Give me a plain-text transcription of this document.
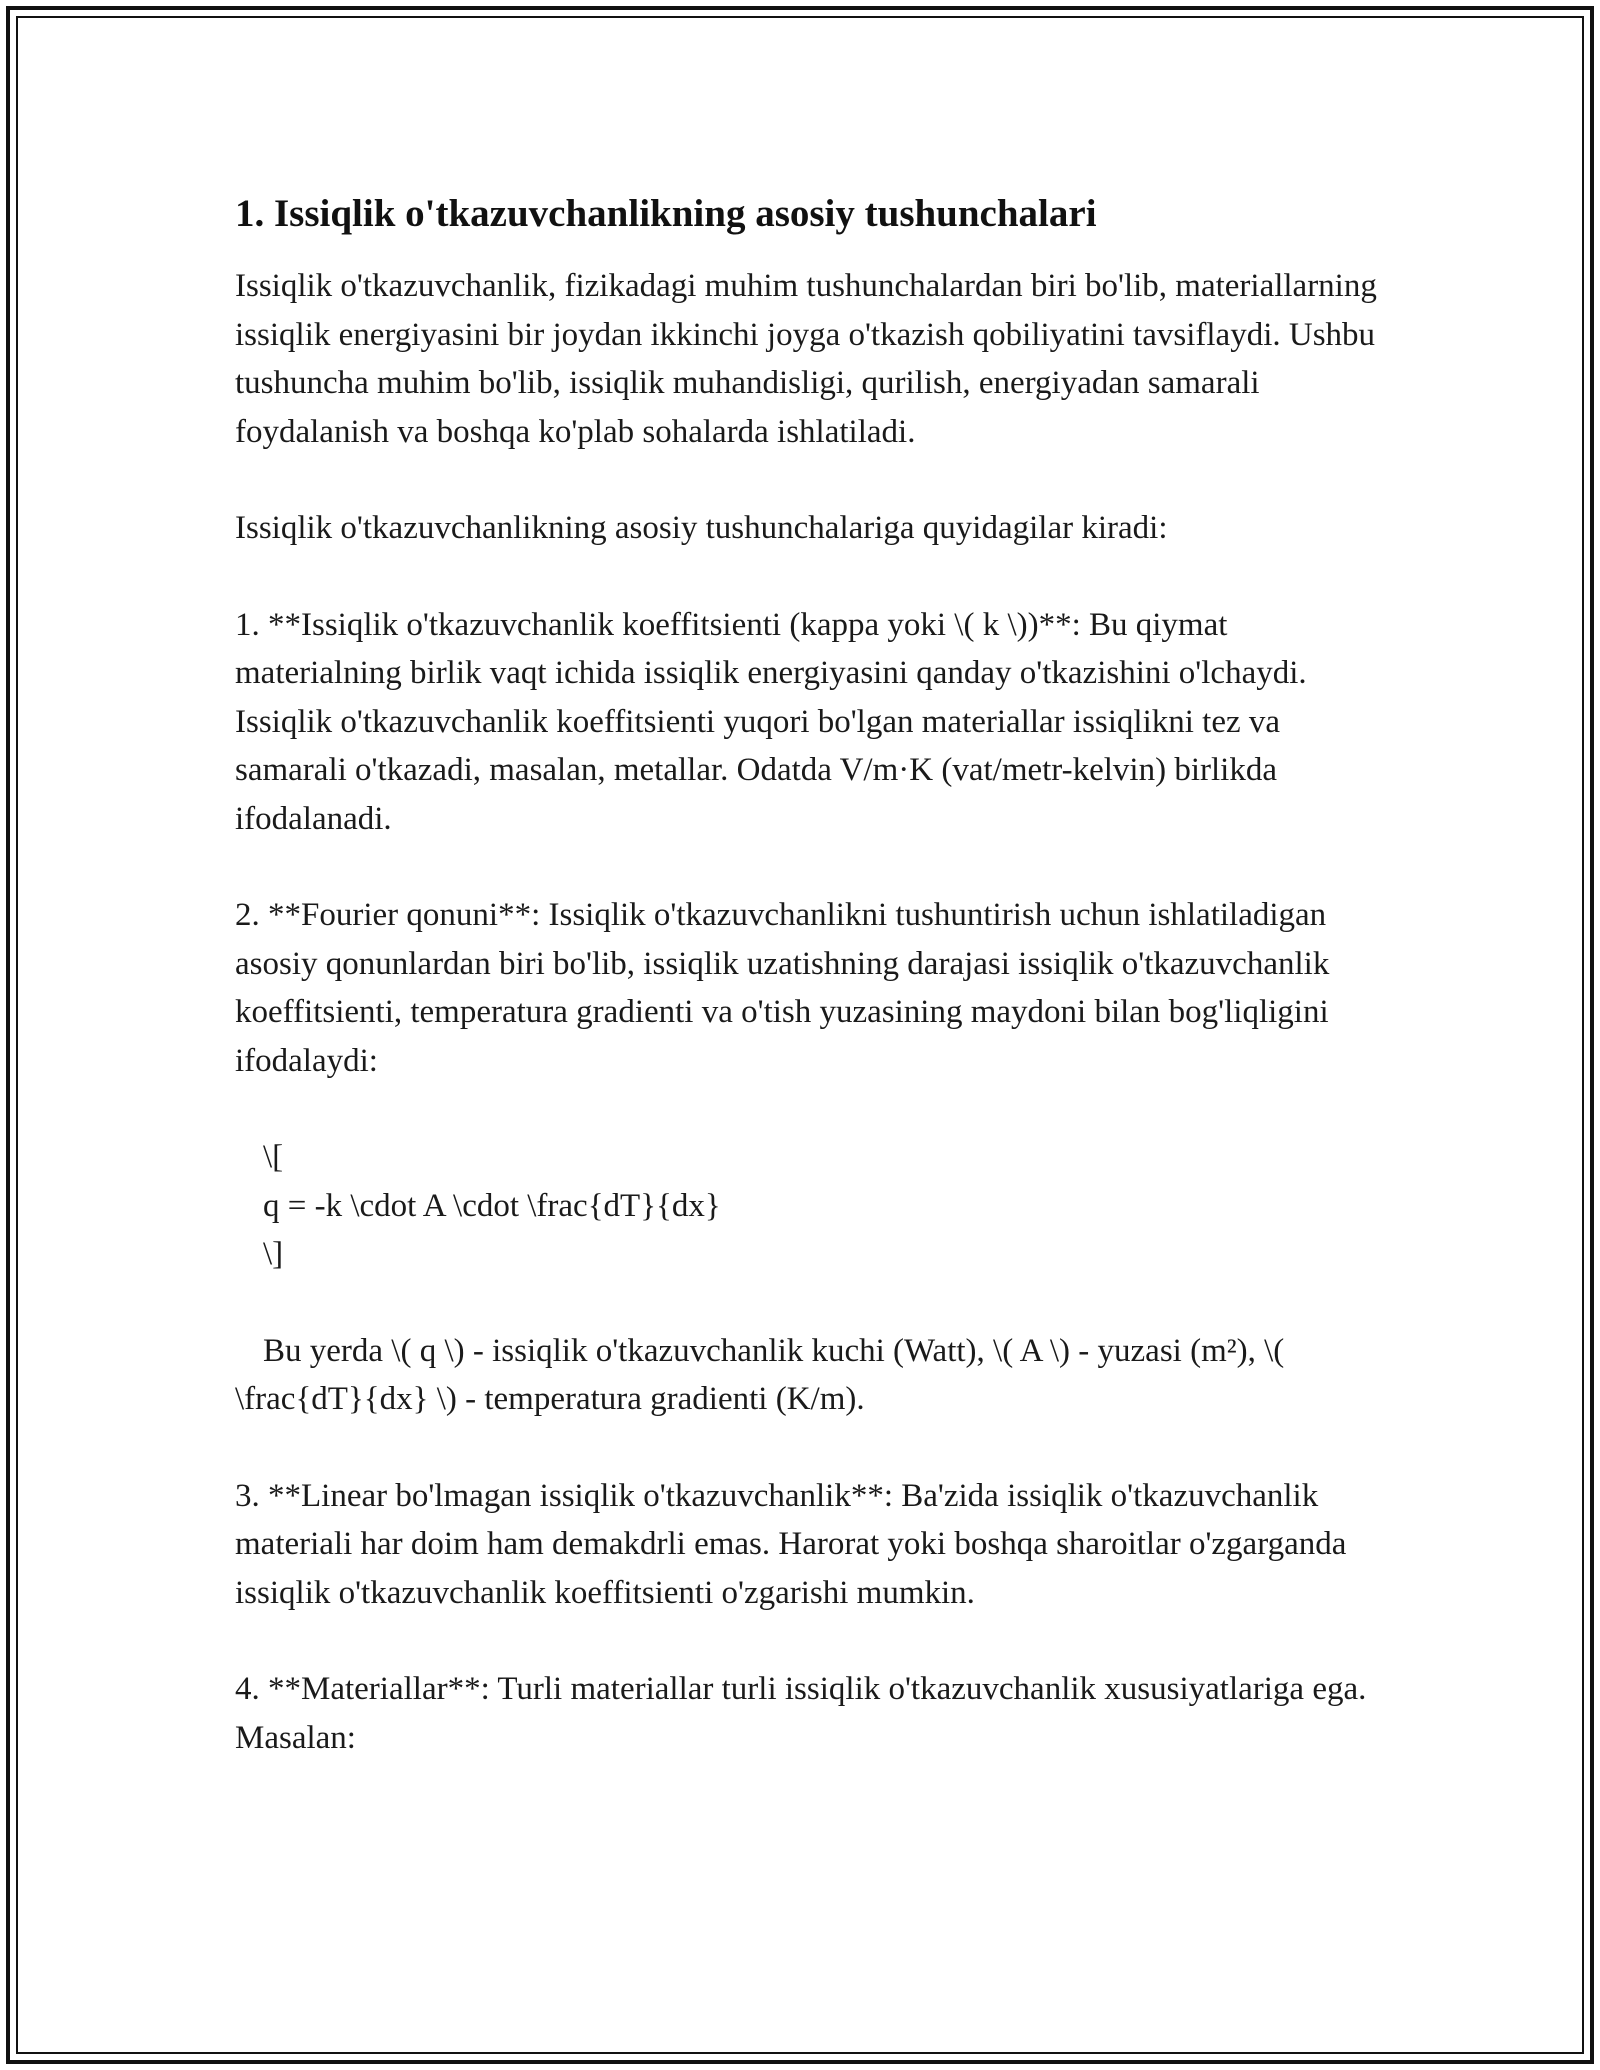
1. Issiqlik o'tkazuvchanlikning asosiy tushunchalari

Issiqlik o'tkazuvchanlik, fizikadagi muhim tushunchalardan biri bo'lib, materiallarning issiqlik energiyasini bir joydan ikkinchi joyga o'tkazish qobiliyatini tavsiflaydi. Ushbu tushuncha muhim bo'lib, issiqlik muhandisligi, qurilish, energiyadan samarali foydalanish va boshqa ko'plab sohalarda ishlatiladi.

Issiqlik o'tkazuvchanlikning asosiy tushunchalariga quyidagilar kiradi:

1. **Issiqlik o'tkazuvchanlik koeffitsienti (kappa yoki \( k \))**: Bu qiymat materialning birlik vaqt ichida issiqlik energiyasini qanday o'tkazishini o'lchaydi. Issiqlik o'tkazuvchanlik koeffitsienti yuqori bo'lgan materiallar issiqlikni tez va samarali o'tkazadi, masalan, metallar. Odatda V/m·K (vat/metr-kelvin) birlikda ifodalanadi.

2. **Fourier qonuni**: Issiqlik o'tkazuvchanlikni tushuntirish uchun ishlatiladigan asosiy qonunlardan biri bo'lib, issiqlik uzatishning darajasi issiqlik o'tkazuvchanlik koeffitsienti, temperatura gradienti va o'tish yuzasining maydoni bilan bog'liqligini ifodalaydi:

\[
q = -k \cdot A \cdot \frac{dT}{dx}
\]

Bu yerda \( q \) - issiqlik o'tkazuvchanlik kuchi (Watt), \( A \) - yuzasi (m²), \( \frac{dT}{dx} \) - temperatura gradienti (K/m).

3. **Linear bo'lmagan issiqlik o'tkazuvchanlik**: Ba'zida issiqlik o'tkazuvchanlik materiali har doim ham demakdrli emas. Harorat yoki boshqa sharoitlar o'zgarganda issiqlik o'tkazuvchanlik koeffitsienti o'zgarishi mumkin.

4. **Materiallar**: Turli materiallar turli issiqlik o'tkazuvchanlik xususiyatlariga ega. Masalan:
